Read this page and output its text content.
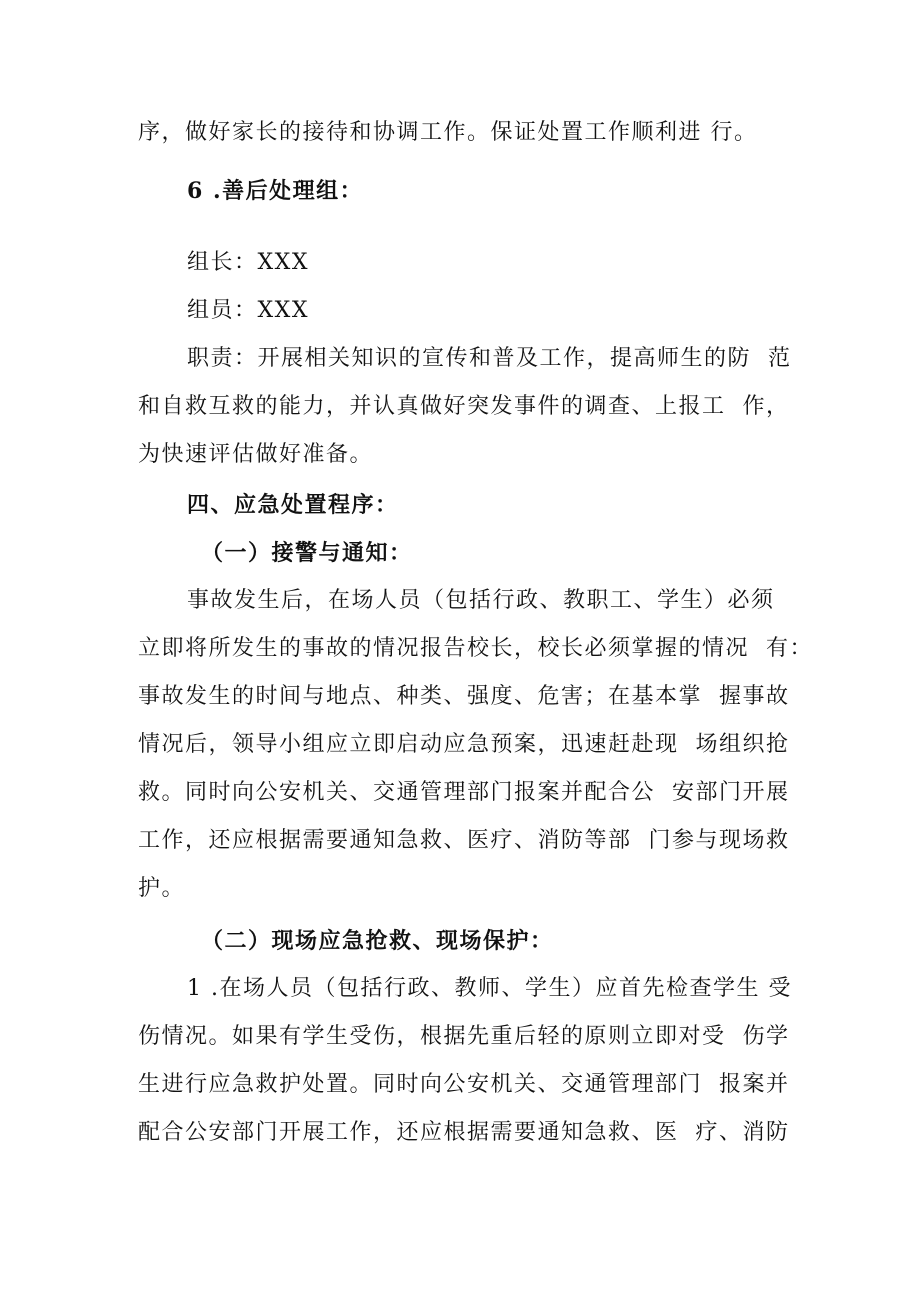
序，做好家长的接待和协调工作。保证处置工作顺利进 行。

6 .善后处理组：

组长：XXX

组员：XXX

职责：开展相关知识的宣传和普及工作，提高师生的防  范

和自救互救的能力，并认真做好突发事件的调查、上报工  作，

为快速评估做好准备。

四、应急处置程序：

（一）接警与通知：

事故发生后，在场人员（包括行政、教职工、学生）必须

立即将所发生的事故的情况报告校长，校长必须掌握的情况  有：

事故发生的时间与地点、种类、强度、危害；在基本掌  握事故

情况后，领导小组应立即启动应急预案，迅速赶赴现  场组织抢

救。同时向公安机关、交通管理部门报案并配合公  安部门开展

工作，还应根据需要通知急救、医疗、消防等部  门参与现场救

护。

（二）现场应急抢救、现场保护：

1 .在场人员（包括行政、教师、学生）应首先检查学生 受

伤情况。如果有学生受伤，根据先重后轻的原则立即对受  伤学

生进行应急救护处置。同时向公安机关、交通管理部门  报案并

配合公安部门开展工作，还应根据需要通知急救、医  疗、消防
